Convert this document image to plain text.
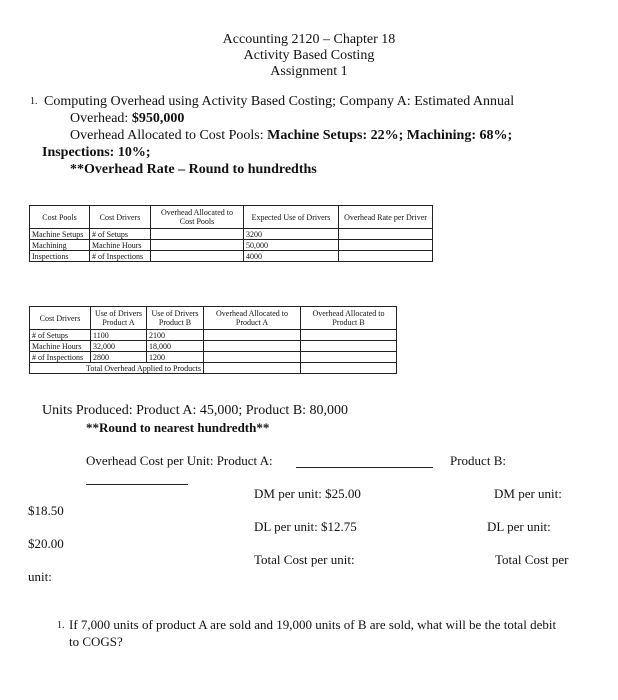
Accounting 2120 – Chapter 18
Activity Based Costing
Assignment 1
1. Computing Overhead using Activity Based Costing; Company A: Estimated Annual
Overhead: $950,000
Overhead Allocated to Cost Pools: Machine Setups: 22%; Machining: 68%;
Inspections: 10%;
**Overhead Rate – Round to hundredths
Cost Pools	Cost Drivers	Overhead Allocated to Cost Pools	Expected Use of Drivers	Overhead Rate per Driver
Machine Setups	# of Setups		3200	
Machining	Machine Hours		50,000	
Inspections	# of Inspections		4000	
Cost Drivers	Use of Drivers Product A	Use of Drivers Product B	Overhead Allocated to Product A	Overhead Allocated to Product B
# of Setups	1100	2100		
Machine Hours	32,000	18,000		
# of Inspections	2800	1200		
Total Overhead Applied to Products				
Units Produced: Product A: 45,000; Product B: 80,000
**Round to nearest hundredth**
Overhead Cost per Unit: Product A:	Product B:
DM per unit: $25.00	DM per unit:
$18.50
DL per unit: $12.75	DL per unit:
$20.00
Total Cost per unit:	Total Cost per
unit:
1. If 7,000 units of product A are sold and 19,000 units of B are sold, what will be the total debit
to COGS?
